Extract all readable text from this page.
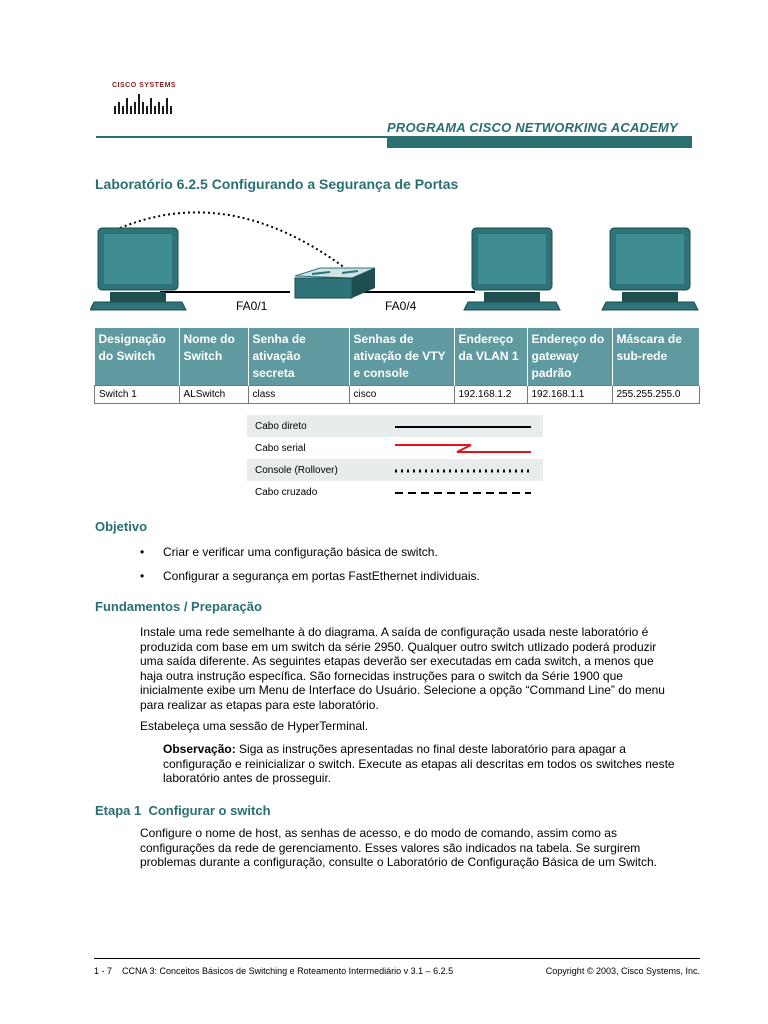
CISCO SYSTEMS
PROGRAMA CISCO NETWORKING ACADEMY
Laboratório 6.2.5 Configurando a Segurança de Portas
FA0/1	FA0/4
Designação do Switch	Nome do Switch	Senha de ativação secreta	Senhas de ativação de VTY e console	Endereço da VLAN 1	Endereço do gateway padrão	Máscara de sub-rede
Switch 1	ALSwitch	class	cisco	192.168.1.2	192.168.1.1	255.255.255.0
Cabo direto
Cabo serial
Console (Rollover)
Cabo cruzado
Objetivo
• Criar e verificar uma configuração básica de switch.
• Configurar a segurança em portas FastEthernet individuais.
Fundamentos / Preparação
Instale uma rede semelhante à do diagrama. A saída de configuração usada neste laboratório é
produzida com base em um switch da série 2950. Qualquer outro switch utlizado poderá produzir
uma saída diferente. As seguintes etapas deverão ser executadas em cada switch, a menos que
haja outra instrução específica. São fornecidas instruções para o switch da Série 1900 que
inicialmente exibe um Menu de Interface do Usuário. Selecione a opção “Command Line” do menu
para realizar as etapas para este laboratório.
Estabeleça uma sessão de HyperTerminal.
Observação: Siga as instruções apresentadas no final deste laboratório para apagar a
configuração e reinicializar o switch. Execute as etapas ali descritas em todos os switches neste
laboratório antes de prosseguir.
Etapa 1  Configurar o switch
Configure o nome de host, as senhas de acesso, e do modo de comando, assim como as
configurações da rede de gerenciamento. Esses valores são indicados na tabela. Se surgirem
problemas durante a configuração, consulte o Laboratório de Configuração Básica de um Switch.
1 - 7    CCNA 3: Conceitos Básicos de Switching e Roteamento Intermediário v 3.1 – 6.2.5	Copyright © 2003, Cisco Systems, Inc.
